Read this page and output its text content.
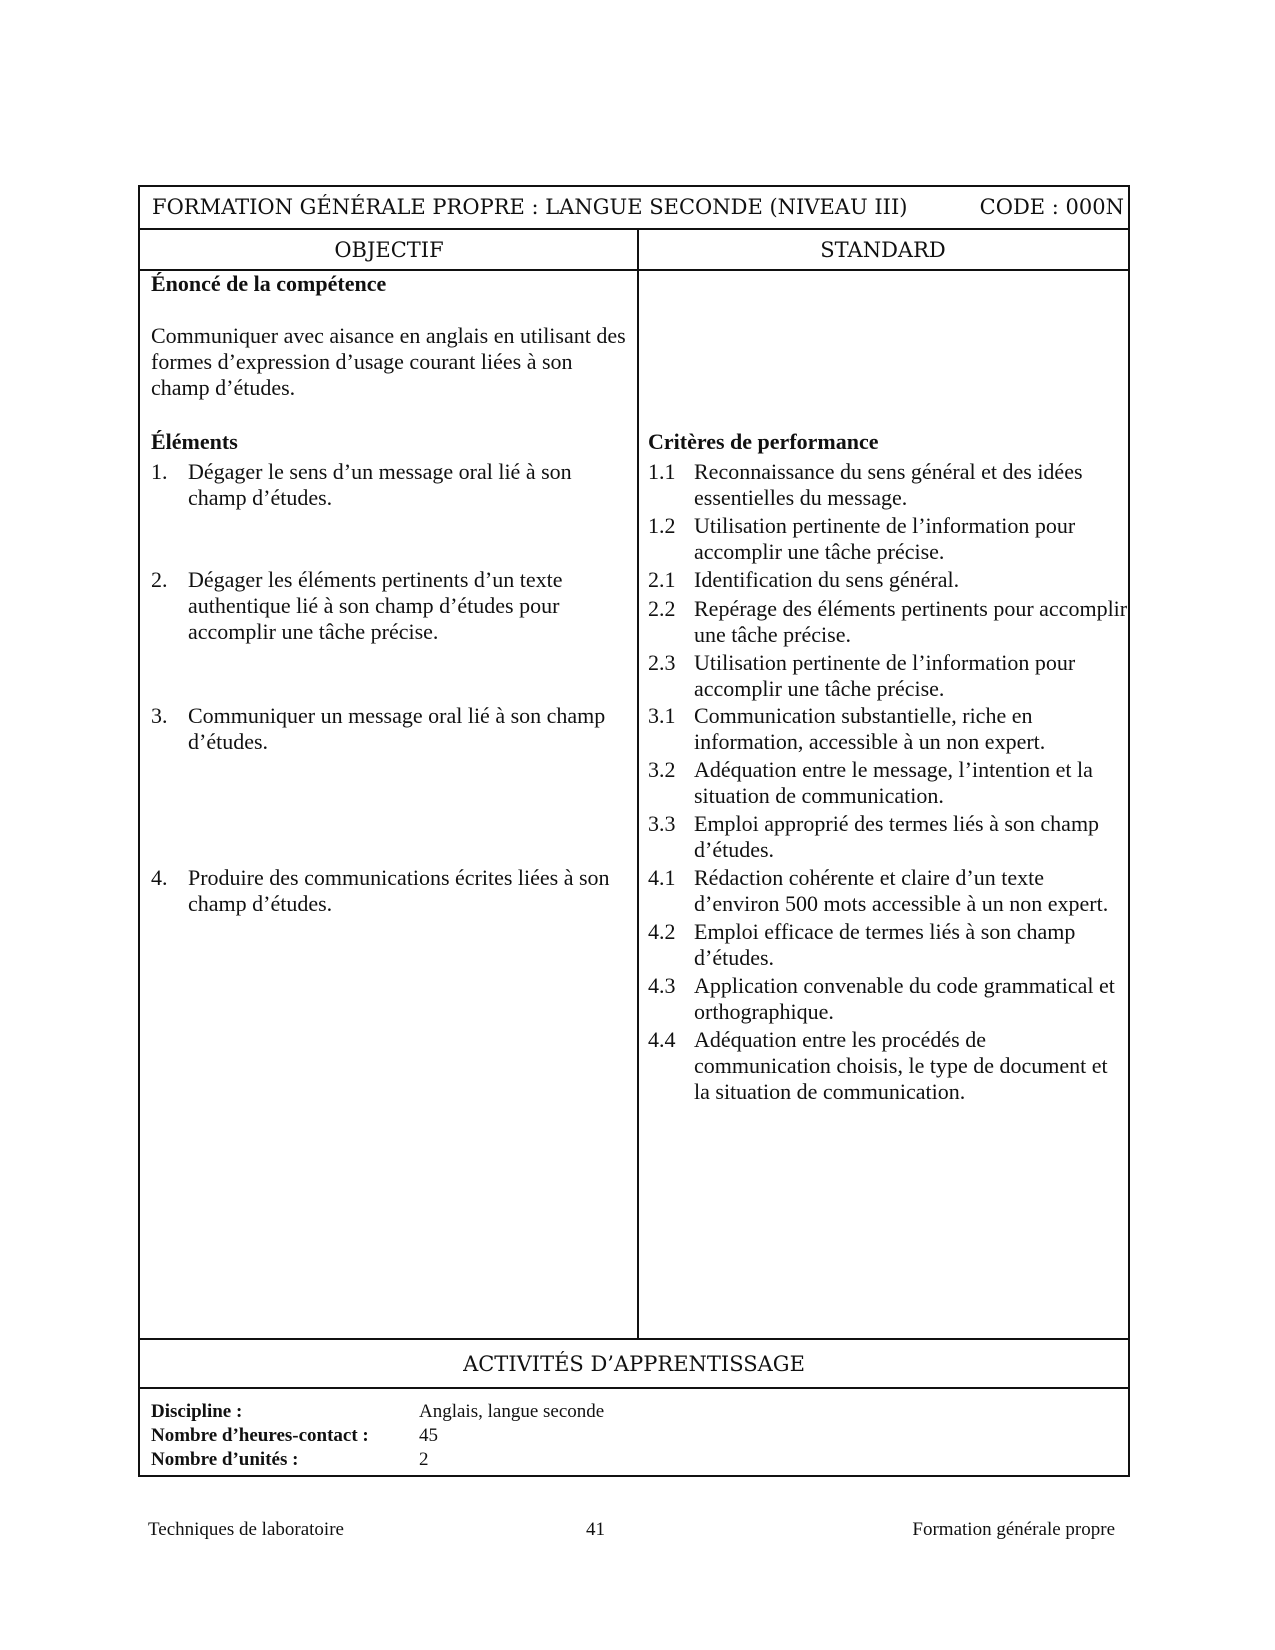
FORMATION GÉNÉRALE PROPRE : LANGUE SECONDE (NIVEAU III)	CODE : 000N
OBJECTIF	STANDARD
Énoncé de la compétence
Communiquer avec aisance en anglais en utilisant des formes d’expression d’usage courant liées à son champ d’études.
Éléments
1. Dégager le sens d’un message oral lié à son champ d’études.
2. Dégager les éléments pertinents d’un texte authentique lié à son champ d’études pour accomplir une tâche précise.
3. Communiquer un message oral lié à son champ d’études.
4. Produire des communications écrites liées à son champ d’études.
Critères de performance
1.1 Reconnaissance du sens général et des idées essentielles du message.
1.2 Utilisation pertinente de l’information pour accomplir une tâche précise.
2.1 Identification du sens général.
2.2 Repérage des éléments pertinents pour accomplir une tâche précise.
2.3 Utilisation pertinente de l’information pour accomplir une tâche précise.
3.1 Communication substantielle, riche en information, accessible à un non expert.
3.2 Adéquation entre le message, l’intention et la situation de communication.
3.3 Emploi approprié des termes liés à son champ d’études.
4.1 Rédaction cohérente et claire d’un texte d’environ 500 mots accessible à un non expert.
4.2 Emploi efficace de termes liés à son champ d’études.
4.3 Application convenable du code grammatical et orthographique.
4.4 Adéquation entre les procédés de communication choisis, le type de document et la situation de communication.
ACTIVITÉS D’APPRENTISSAGE
Discipline :	Anglais, langue seconde
Nombre d’heures-contact :	45
Nombre d’unités :	2
Techniques de laboratoire	41	Formation générale propre
